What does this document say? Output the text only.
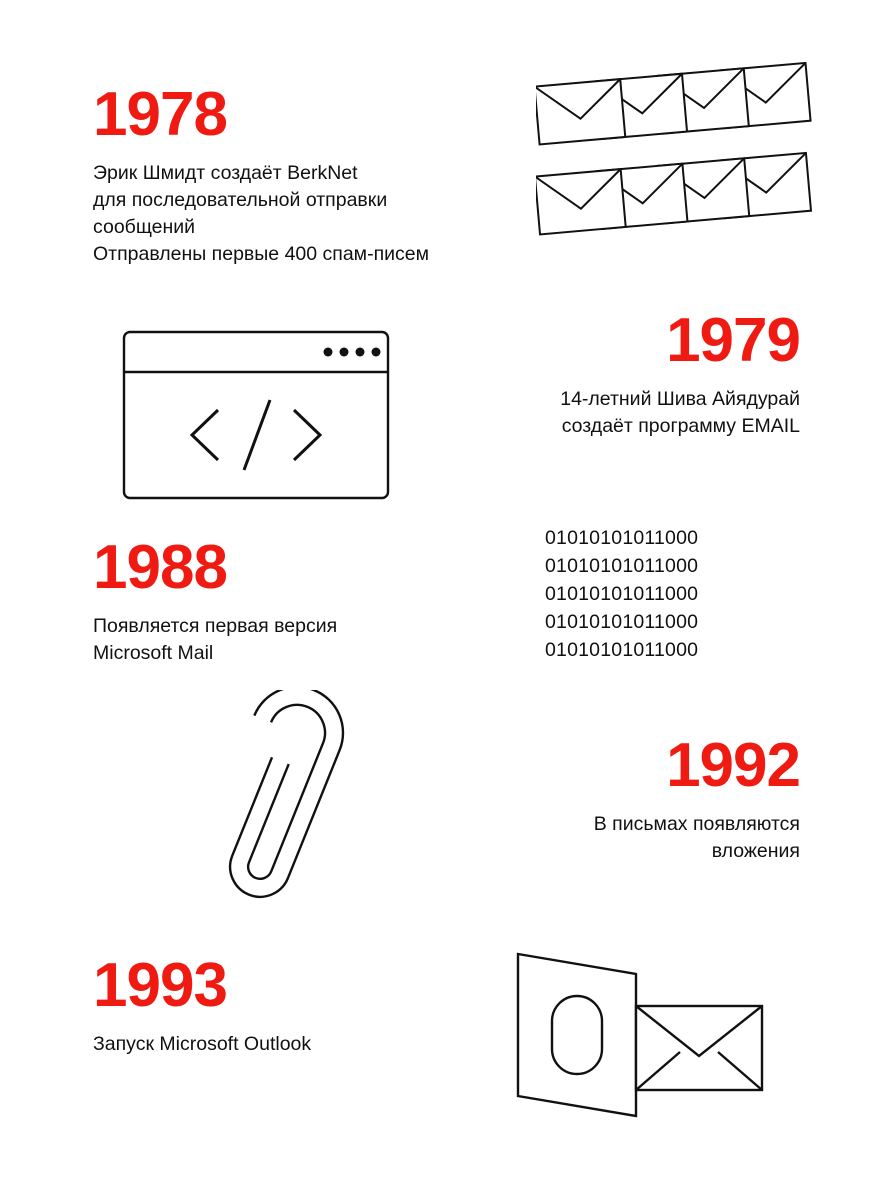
1978
Эрик Шмидт создаёт BerkNet
для последовательной отправки
сообщений
Отправлены первые 400 спам-писем
1979
14-летний Шива Айядурай
создаёт программу EMAIL
1988
Появляется первая версия
Microsoft Mail
1992
В письмах появляются
вложения
1993
Запуск Microsoft Outlook
01010101011000
01010101011000
01010101011000
01010101011000
01010101011000
